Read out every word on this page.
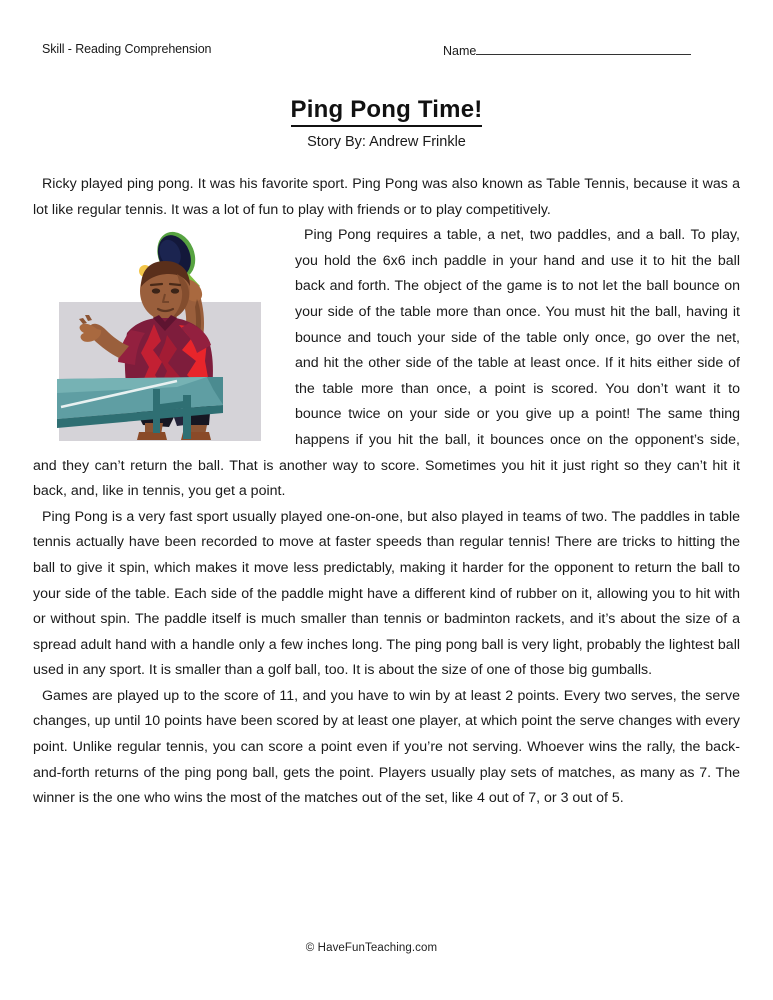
Skill - Reading Comprehension	Name
Ping Pong Time!
Story By: Andrew Frinkle

Ricky played ping pong. It was his favorite sport. Ping Pong was also known as Table Tennis, because it was a lot like regular tennis. It was a lot of fun to play with friends or to play competitively.

Ping Pong requires a table, a net, two paddles, and a ball. To play, you hold the 6x6 inch paddle in your hand and use it to hit the ball back and forth. The object of the game is to not let the ball bounce on your side of the table more than once. You must hit the ball, having it bounce and touch your side of the table only once, go over the net, and hit the other side of the table at least once. If it hits either side of the table more than once, a point is scored. You don’t want it to bounce twice on your side or you give up a point! The same thing happens if you hit the ball, it bounces once on the opponent’s side, and they can’t return the ball. That is another way to score. Sometimes you hit it just right so they can’t hit it back, and, like in tennis, you get a point.

Ping Pong is a very fast sport usually played one-on-one, but also played in teams of two. The paddles in table tennis actually have been recorded to move at faster speeds than regular tennis! There are tricks to hitting the ball to give it spin, which makes it move less predictably, making it harder for the opponent to return the ball to your side of the table. Each side of the paddle might have a different kind of rubber on it, allowing you to hit with or without spin. The paddle itself is much smaller than tennis or badminton rackets, and it’s about the size of a spread adult hand with a handle only a few inches long. The ping pong ball is very light, probably the lightest ball used in any sport. It is smaller than a golf ball, too. It is about the size of one of those big gumballs.

Games are played up to the score of 11, and you have to win by at least 2 points. Every two serves, the serve changes, up until 10 points have been scored by at least one player, at which point the serve changes with every point. Unlike regular tennis, you can score a point even if you’re not serving. Whoever wins the rally, the back-and-forth returns of the ping pong ball, gets the point. Players usually play sets of matches, as many as 7. The winner is the one who wins the most of the matches out of the set, like 4 out of 7, or 3 out of 5.

© HaveFunTeaching.com
